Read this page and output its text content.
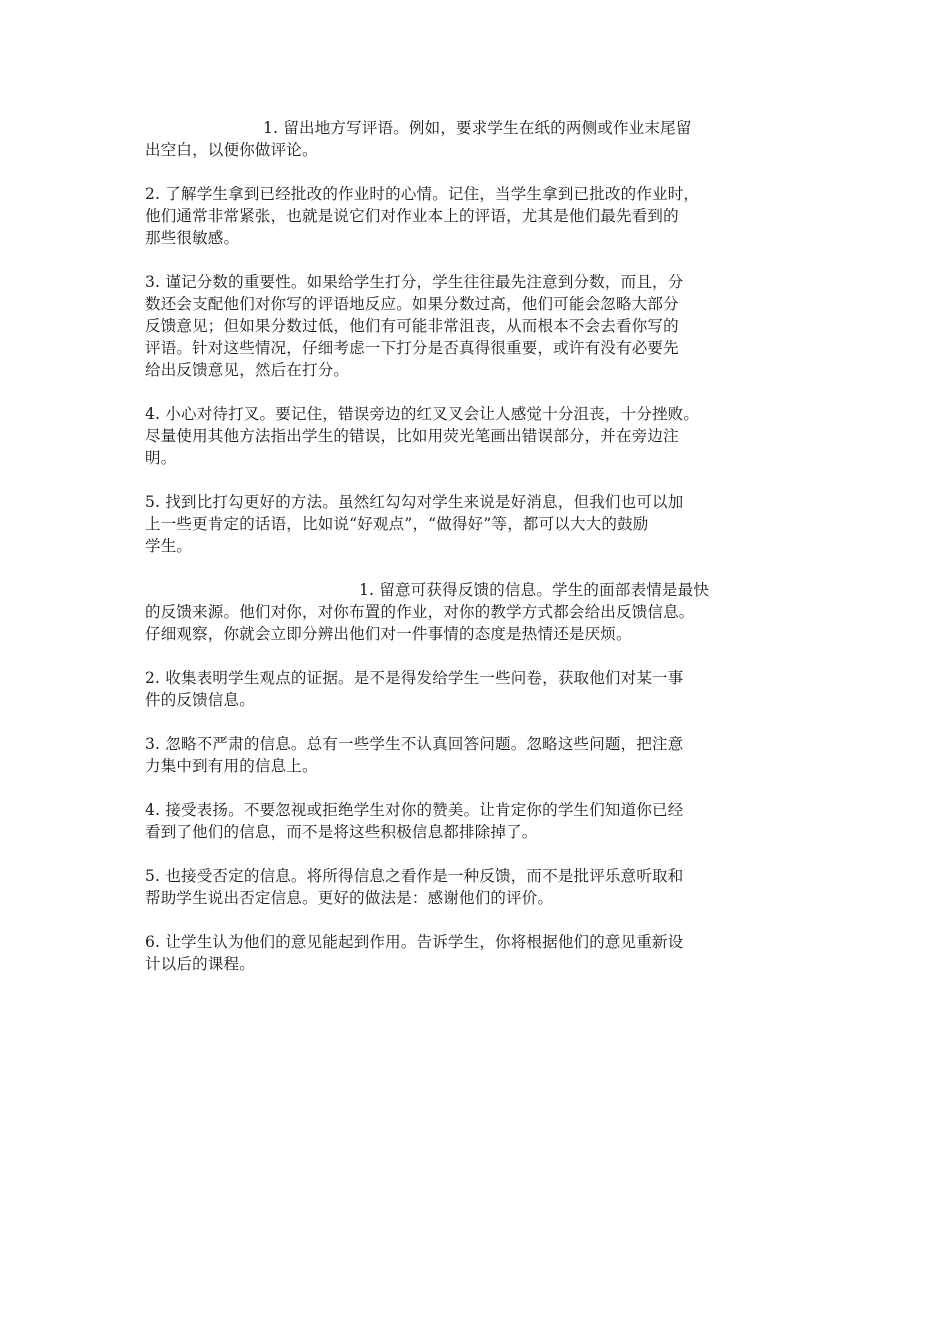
1. 留出地方写评语。例如，要求学生在纸的两侧或作业末尾留
出空白，以便你做评论。
2. 了解学生拿到已经批改的作业时的心情。记住，当学生拿到已批改的作业时，
他们通常非常紧张，也就是说它们对作业本上的评语，尤其是他们最先看到的
那些很敏感。
3. 谨记分数的重要性。如果给学生打分，学生往往最先注意到分数，而且，分
数还会支配他们对你写的评语地反应。如果分数过高，他们可能会忽略大部分
反馈意见；但如果分数过低，他们有可能非常沮丧，从而根本不会去看你写的
评语。针对这些情况，仔细考虑一下打分是否真得很重要，或许有没有必要先
给出反馈意见，然后在打分。
4. 小心对待打叉。要记住，错误旁边的红叉叉会让人感觉十分沮丧，十分挫败。
尽量使用其他方法指出学生的错误，比如用荧光笔画出错误部分，并在旁边注
明。
5. 找到比打勾更好的方法。虽然红勾勾对学生来说是好消息，但我们也可以加
上一些更肯定的话语，比如说“好观点”，“做得好”等，都可以大大的鼓励
学生。
1. 留意可获得反馈的信息。学生的面部表情是最快
的反馈来源。他们对你，对你布置的作业，对你的教学方式都会给出反馈信息。
仔细观察，你就会立即分辨出他们对一件事情的态度是热情还是厌烦。
2. 收集表明学生观点的证据。是不是得发给学生一些问卷，获取他们对某一事
件的反馈信息。
3. 忽略不严肃的信息。总有一些学生不认真回答问题。忽略这些问题，把注意
力集中到有用的信息上。
4. 接受表扬。不要忽视或拒绝学生对你的赞美。让肯定你的学生们知道你已经
看到了他们的信息，而不是将这些积极信息都排除掉了。
5. 也接受否定的信息。将所得信息之看作是一种反馈，而不是批评乐意听取和
帮助学生说出否定信息。更好的做法是：感谢他们的评价。
6. 让学生认为他们的意见能起到作用。告诉学生，你将根据他们的意见重新设
计以后的课程。
